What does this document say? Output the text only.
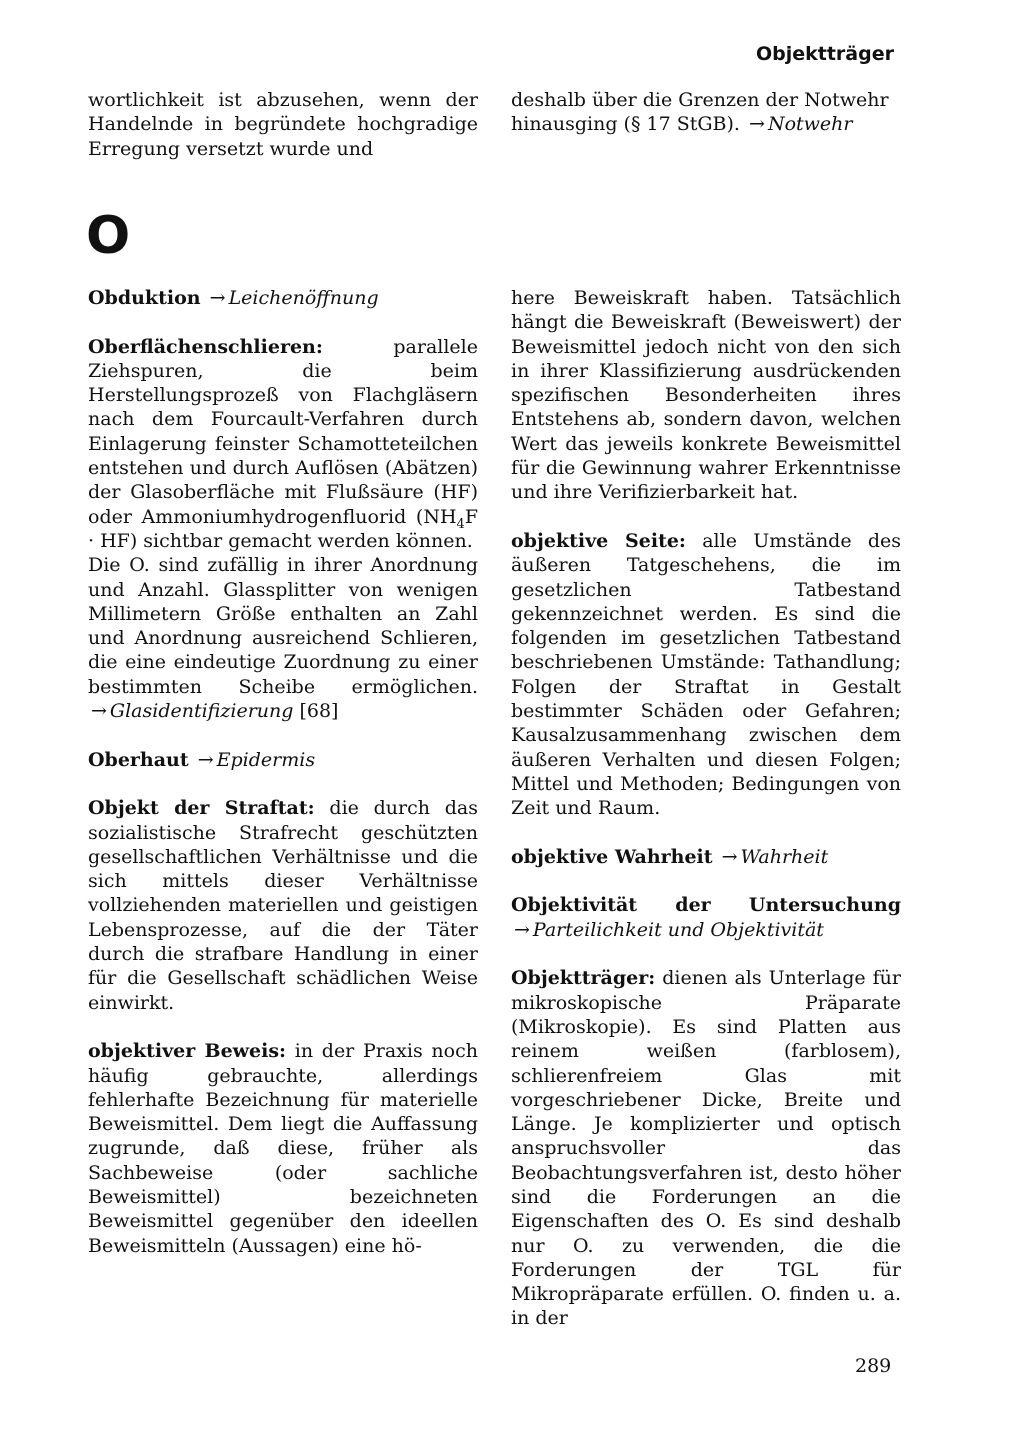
Objektträger
wortlichkeit ist abzusehen, wenn der Handelnde in begründete hochgradige Erregung versetzt wurde und
deshalb über die Grenzen der Notwehr hinausging (§ 17 StGB). → Notwehr
O
Obduktion → Leichenöffnung

Oberflächenschlieren:	parallele Ziehspuren, die beim Herstellungsprozeß von Flachgläsern nach dem Fourcault-Verfahren durch Einlagerung feinster Schamotteteilchen entstehen und durch Auflösen (Abätzen) der Glasoberfläche mit Flußsäure (HF) oder Ammoniumhydrogenfluorid $(NH_4F \cdot HF)$ sichtbar gemacht werden können.

Die O. sind zufällig in ihrer Anordnung und Anzahl. Glassplitter von wenigen Millimetern Größe enthalten an Zahl und Anordnung ausreichend Schlieren, die eine eindeutige Zuordnung zu einer bestimmten Scheibe ermöglichen. → Glasidentifizierung [68]

Oberhaut → Epidermis
Objekt der Straftat: die durch das sozialistische Strafrecht geschützten gesellschaftlichen Verhältnisse und die sich mittels dieser Verhältnisse vollziehenden materiellen und geistigen Lebensprozesse, auf die der Täter durch die strafbare Handlung in einer für die Gesellschaft schädlichen Weise einwirkt.
objektiver Beweis: in der Praxis noch häufig gebrauchte, allerdings fehlerhafte Bezeichnung für materielle Beweismittel. Dem liegt die Auffassung zugrunde, daß diese, früher als Sachbeweise (oder sachliche Beweismittel) bezeichneten Beweismittel gegenüber den ideellen Beweismitteln (Aussagen) eine hö-
here Beweiskraft haben. Tatsächlich hängt die Beweiskraft (Beweiswert) der Beweismittel jedoch nicht von den sich in ihrer Klassifizierung ausdrückenden spezifischen Besonderheiten ihres Entstehens ab, sondern davon, welchen Wert das jeweils konkrete Beweismittel für die Gewinnung wahrer Erkenntnisse und ihre Verifizierbarkeit hat.
objektive Seite: alle Umstände des äußeren Tatgeschehens, die im gesetzlichen Tatbestand gekennzeichnet werden. Es sind die folgenden im gesetzlichen Tatbestand beschriebenen Umstände: Tathandlung; Folgen der Straftat in Gestalt bestimmter Schäden oder Gefahren; Kausalzusammenhang zwischen dem äußeren Verhalten und diesen Folgen; Mittel und Methoden; Bedingungen von Zeit und Raum.
objektive Wahrheit → Wahrheit
Objektivität der Untersuchung → Parteilichkeit und Objektivität
Objektträger: dienen als Unterlage für mikroskopische Präparate (Mikroskopie). Es sind Platten aus reinem weißen (farblosem), schlierenfreiem Glas mit vorgeschriebener Dicke, Breite und Länge. Je komplizierter und optisch anspruchsvoller das Beobachtungsverfahren ist, desto höher sind die Forderungen an die Eigenschaften des O. Es sind deshalb nur O. zu verwenden, die die Forderungen der TGL für Mikropräparate erfüllen. O. finden u. a. in der
289
